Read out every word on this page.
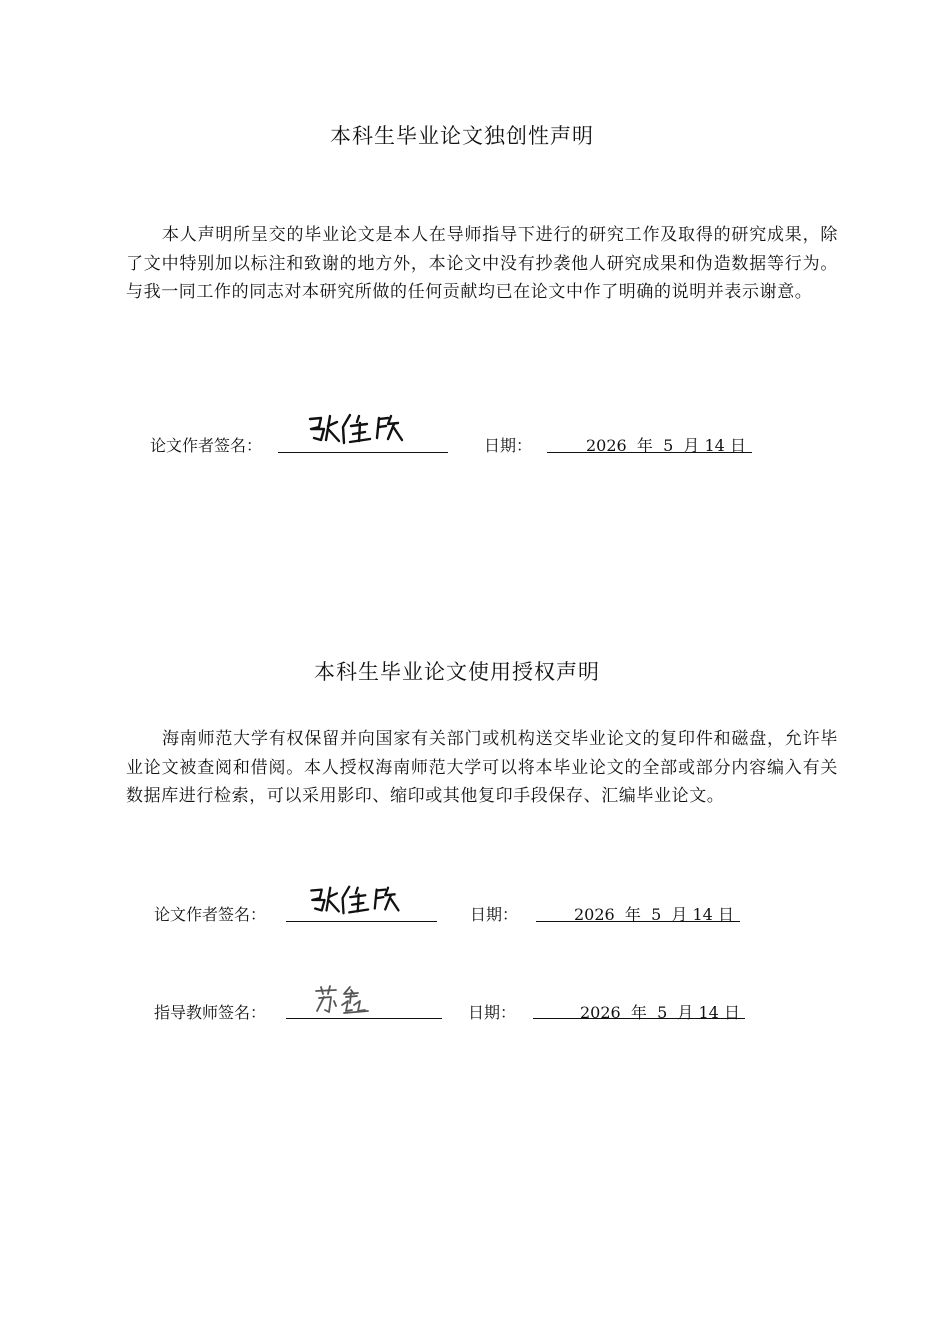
本科生毕业论文独创性声明
本人声明所呈交的毕业论文是本人在导师指导下进行的研究工作及取得的研究成果，除了文中特别加以标注和致谢的地方外，本论文中没有抄袭他人研究成果和伪造数据等行为。与我一同工作的同志对本研究所做的任何贡献均已在论文中作了明确的说明并表示谢意。
论文作者签名：	日期：	2026  年  5  月 14 日
本科生毕业论文使用授权声明
海南师范大学有权保留并向国家有关部门或机构送交毕业论文的复印件和磁盘，允许毕业论文被查阅和借阅。本人授权海南师范大学可以将本毕业论文的全部或部分内容编入有关数据库进行检索，可以采用影印、缩印或其他复印手段保存、汇编毕业论文。
论文作者签名：	日期：	2026  年  5  月 14 日
指导教师签名：	日期：	2026  年  5  月 14 日
